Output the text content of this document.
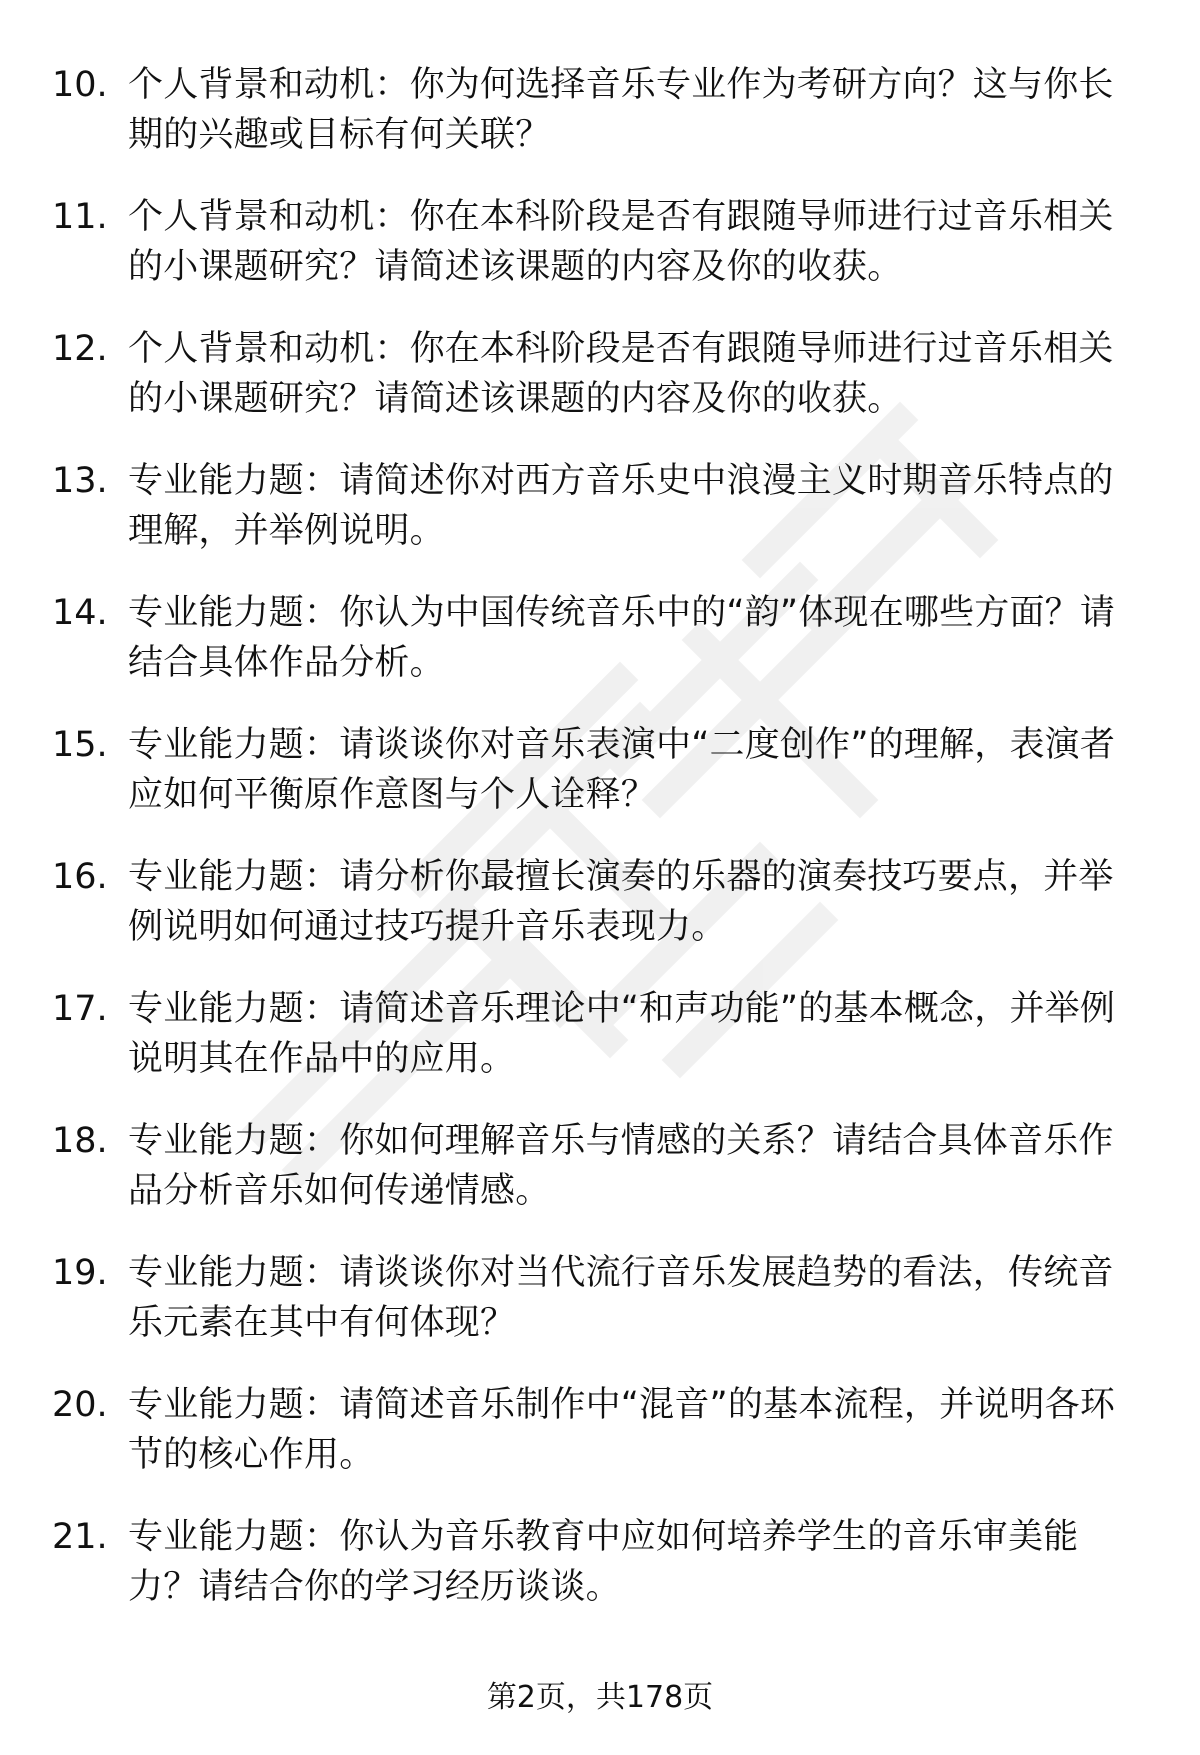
10. 个人背景和动机：你为何选择音乐专业作为考研方向？这与你长期的兴趣或目标有何关联？
11. 个人背景和动机：你在本科阶段是否有跟随导师进行过音乐相关的小课题研究？请简述该课题的内容及你的收获。
12. 个人背景和动机：你在本科阶段是否有跟随导师进行过音乐相关的小课题研究？请简述该课题的内容及你的收获。
13. 专业能力题：请简述你对西方音乐史中浪漫主义时期音乐特点的理解，并举例说明。
14. 专业能力题：你认为中国传统音乐中的“韵”体现在哪些方面？请结合具体作品分析。
15. 专业能力题：请谈谈你对音乐表演中“二度创作”的理解，表演者应如何平衡原作意图与个人诠释？
16. 专业能力题：请分析你最擅长演奏的乐器的演奏技巧要点，并举例说明如何通过技巧提升音乐表现力。
17. 专业能力题：请简述音乐理论中“和声功能”的基本概念，并举例说明其在作品中的应用。
18. 专业能力题：你如何理解音乐与情感的关系？请结合具体音乐作品分析音乐如何传递情感。
19. 专业能力题：请谈谈你对当代流行音乐发展趋势的看法，传统音乐元素在其中有何体现？
20. 专业能力题：请简述音乐制作中“混音”的基本流程，并说明各环节的核心作用。
21. 专业能力题：你认为音乐教育中应如何培养学生的音乐审美能力？请结合你的学习经历谈谈。
第2页，共178页
